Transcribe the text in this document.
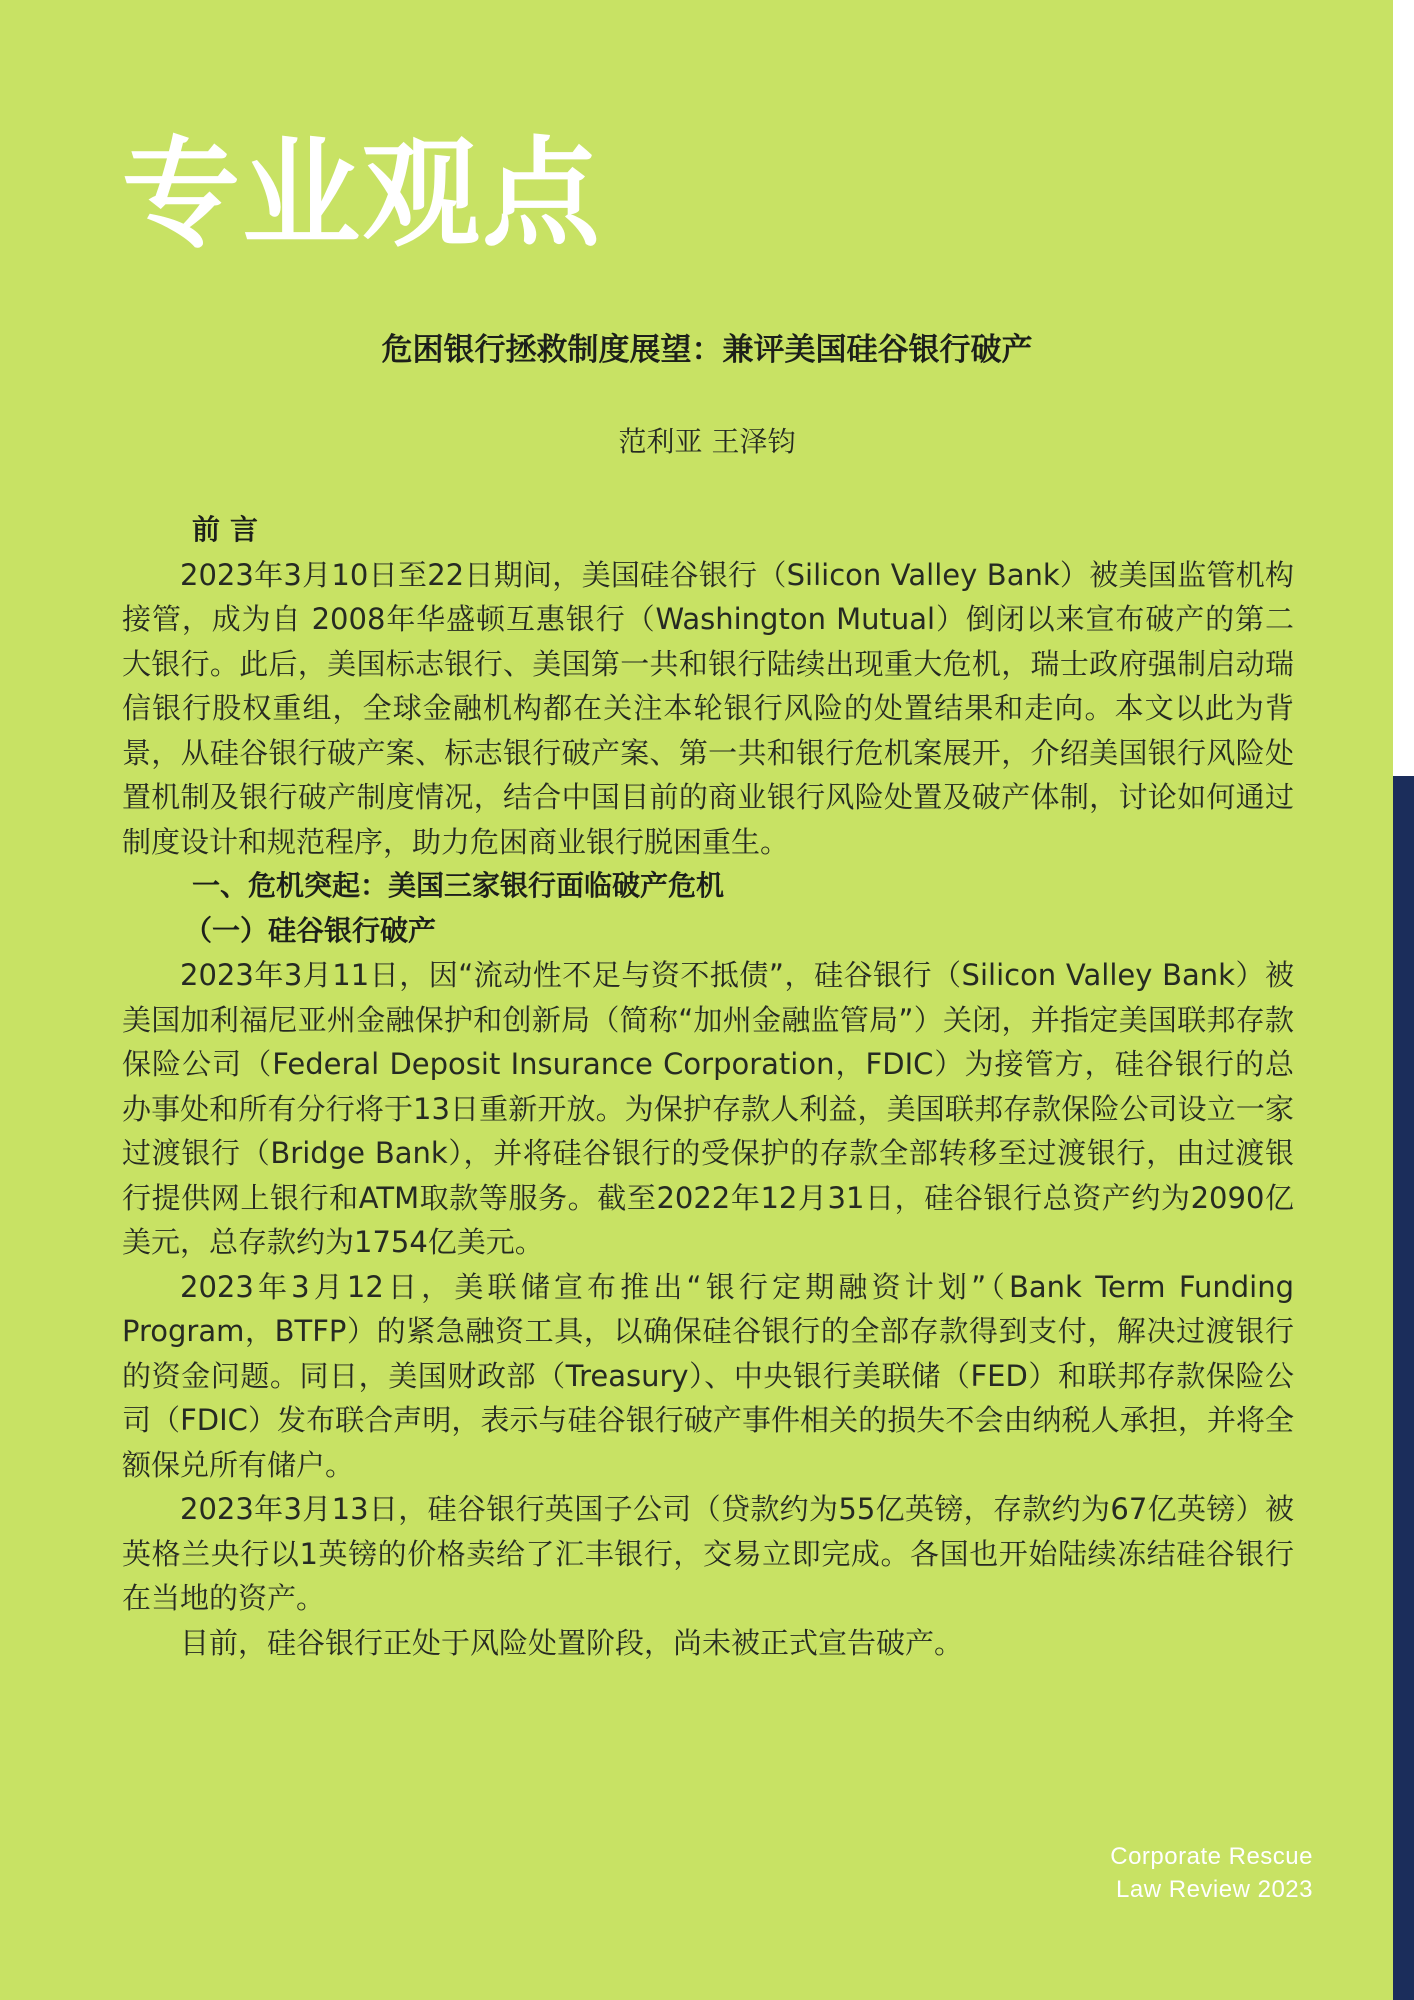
专业观点
危困银行拯救制度展望：兼评美国硅谷银行破产
范利亚 王泽钧
前言

2023年3月10日至22日期间，美国硅谷银行（Silicon Valley Bank）被美国监管机构接管，成为自 2008年华盛顿互惠银行（Washington Mutual）倒闭以来宣布破产的第二大银行。此后，美国标志银行、美国第一共和银行陆续出现重大危机，瑞士政府强制启动瑞信银行股权重组，全球金融机构都在关注本轮银行风险的处置结果和走向。本文以此为背景，从硅谷银行破产案、标志银行破产案、第一共和银行危机案展开，介绍美国银行风险处置机制及银行破产制度情况，结合中国目前的商业银行风险处置及破产体制，讨论如何通过制度设计和规范程序，助力危困商业银行脱困重生。

一、危机突起：美国三家银行面临破产危机
（一）硅谷银行破产

2023年3月11日，因“流动性不足与资不抵债”，硅谷银行（Silicon Valley Bank）被美国加利福尼亚州金融保护和创新局（简称“加州金融监管局”）关闭，并指定美国联邦存款保险公司（Federal Deposit Insurance Corporation，FDIC）为接管方，硅谷银行的总办事处和所有分行将于13日重新开放。为保护存款人利益，美国联邦存款保险公司设立一家过渡银行（Bridge Bank），并将硅谷银行的受保护的存款全部转移至过渡银行，由过渡银行提供网上银行和ATM取款等服务。截至2022年12月31日，硅谷银行总资产约为2090亿美元，总存款约为1754亿美元。

2023年3月12日，美联储宣布推出“银行定期融资计划”（Bank Term Funding Program，BTFP）的紧急融资工具，以确保硅谷银行的全部存款得到支付，解决过渡银行的资金问题。同日，美国财政部（Treasury）、中央银行美联储（FED）和联邦存款保险公司（FDIC）发布联合声明，表示与硅谷银行破产事件相关的损失不会由纳税人承担，并将全额保兑所有储户。

2023年3月13日，硅谷银行英国子公司（贷款约为55亿英镑，存款约为67亿英镑）被英格兰央行以1英镑的价格卖给了汇丰银行，交易立即完成。各国也开始陆续冻结硅谷银行在当地的资产。

目前，硅谷银行正处于风险处置阶段，尚未被正式宣告破产。

Corporate Rescue
Law Review 2023
